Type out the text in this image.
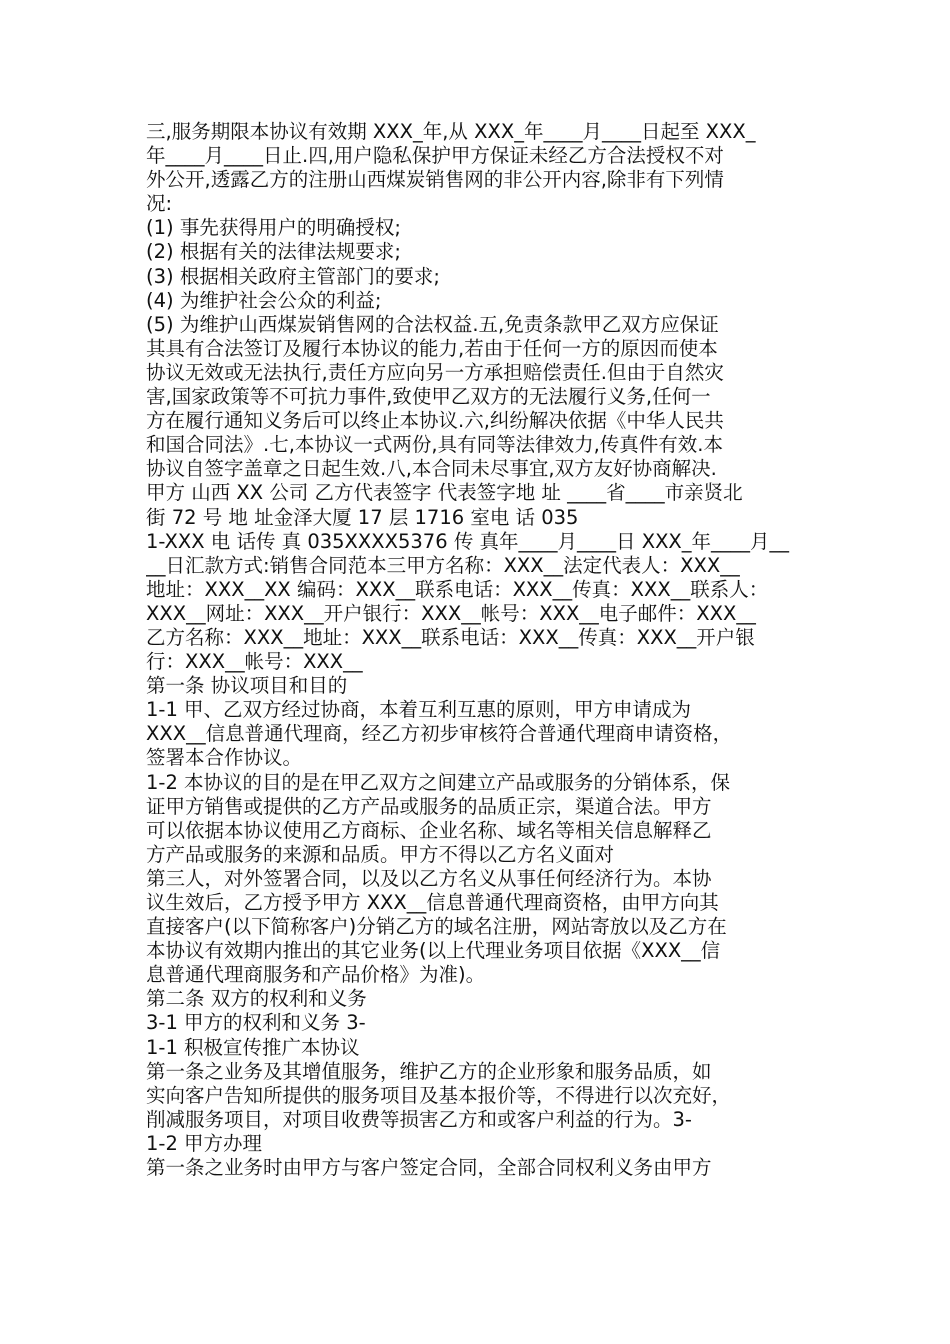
三,服务期限本协议有效期 XXX_年,从 XXX_年____月____日起至 XXX_
年____月____日止.四,用户隐私保护甲方保证未经乙方合法授权不对
外公开,透露乙方的注册山西煤炭销售网的非公开内容,除非有下列情
况:
(1) 事先获得用户的明确授权;
(2) 根据有关的法律法规要求;
(3) 根据相关政府主管部门的要求;
(4) 为维护社会公众的利益;
(5) 为维护山西煤炭销售网的合法权益.五,免责条款甲乙双方应保证
其具有合法签订及履行本协议的能力,若由于任何一方的原因而使本
协议无效或无法执行,责任方应向另一方承担赔偿责任.但由于自然灾
害,国家政策等不可抗力事件,致使甲乙双方的无法履行义务,任何一
方在履行通知义务后可以终止本协议.六,纠纷解决依据《中华人民共
和国合同法》.七,本协议一式两份,具有同等法律效力,传真件有效.本
协议自签字盖章之日起生效.八,本合同未尽事宜,双方友好协商解决.
甲方 山西 XX 公司 乙方代表签字 代表签字地 址 ____省____市亲贤北
街 72 号 地 址金泽大厦 17 层 1716 室电 话 035
1-XXX 电 话传 真 035XXXX5376 传 真年____月____日 XXX_年____月__
__日汇款方式:销售合同范本三甲方名称：XXX__法定代表人：XXX__
地址：XXX__XX 编码：XXX__联系电话：XXX__传真：XXX__联系人：
XXX__网址：XXX__开户银行：XXX__帐号：XXX__电子邮件：XXX__
乙方名称：XXX__地址：XXX__联系电话：XXX__传真：XXX__开户银
行：XXX__帐号：XXX__
第一条 协议项目和目的
1-1 甲、乙双方经过协商，本着互利互惠的原则，甲方申请成为
XXX__信息普通代理商，经乙方初步审核符合普通代理商申请资格，
签署本合作协议。
1-2 本协议的目的是在甲乙双方之间建立产品或服务的分销体系，保
证甲方销售或提供的乙方产品或服务的品质正宗，渠道合法。甲方
可以依据本协议使用乙方商标、企业名称、域名等相关信息解释乙
方产品或服务的来源和品质。甲方不得以乙方名义面对
第三人，对外签署合同，以及以乙方名义从事任何经济行为。本协
议生效后，乙方授予甲方 XXX__信息普通代理商资格，由甲方向其
直接客户(以下简称客户)分销乙方的域名注册，网站寄放以及乙方在
本协议有效期内推出的其它业务(以上代理业务项目依据《XXX__信
息普通代理商服务和产品价格》为准)。
第二条 双方的权利和义务
3-1 甲方的权利和义务 3-
1-1 积极宣传推广本协议
第一条之业务及其增值服务，维护乙方的企业形象和服务品质，如
实向客户告知所提供的服务项目及基本报价等，不得进行以次充好，
削减服务项目，对项目收费等损害乙方和或客户利益的行为。3-
1-2 甲方办理
第一条之业务时由甲方与客户签定合同，全部合同权利义务由甲方
